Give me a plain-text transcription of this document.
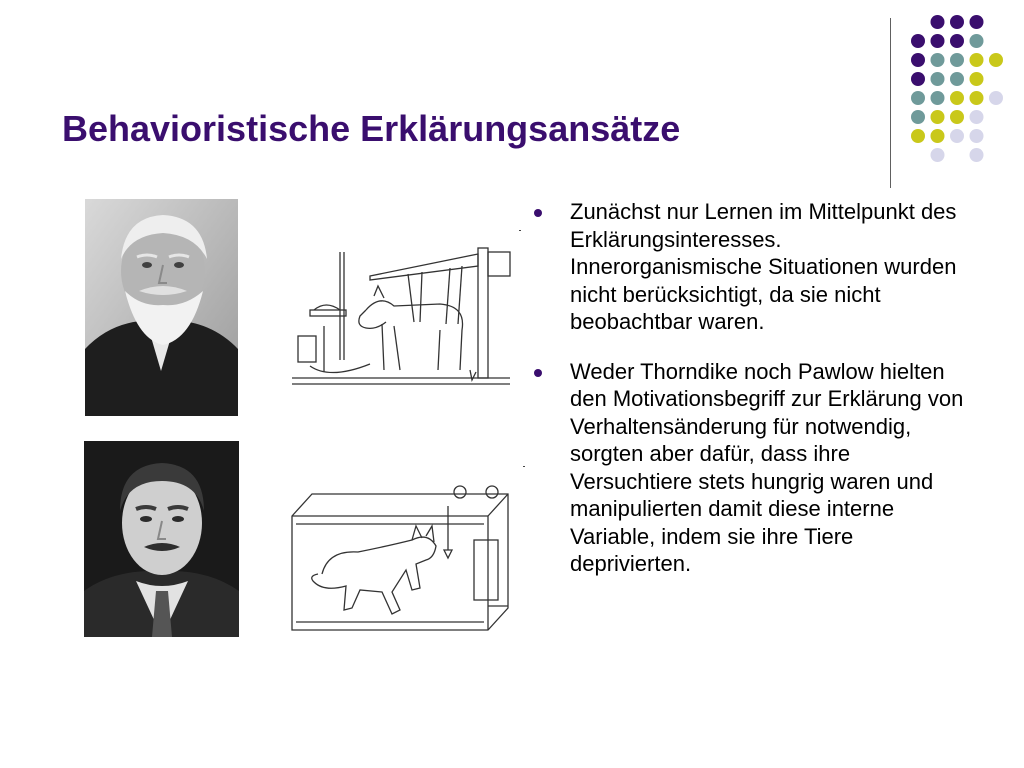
Behavioristische Erklärungsansätze
Zunächst nur Lernen im Mittelpunkt des Erklärungsinteresses. Innerorganismische Situationen wurden nicht berücksichtigt, da sie nicht beobachtbar waren.
Weder Thorndike noch Pawlow hielten den Motivationsbegriff zur Erklärung von Verhaltensänderung für notwendig, sorgten aber dafür, dass ihre Versuchtiere stets hungrig waren und manipulierten damit diese interne Variable, indem sie ihre Tiere deprivierten.
